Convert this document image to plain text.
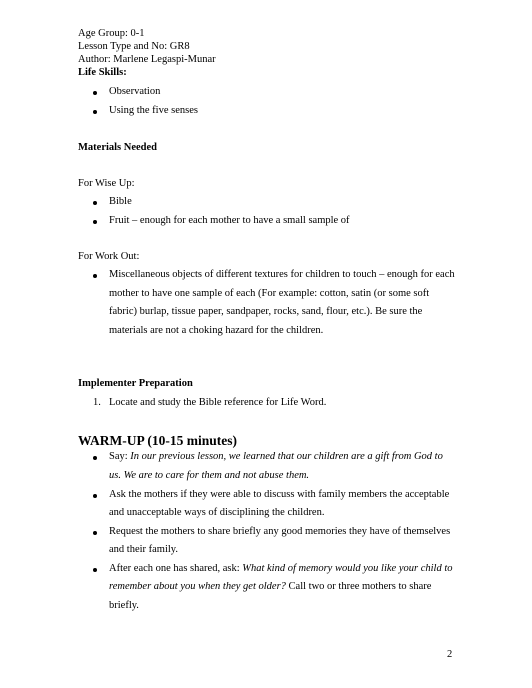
Age Group: 0-1
Lesson Type and No: GR8
Author: Marlene Legaspi-Munar
Life Skills:
Observation
Using the five senses
Materials Needed
For Wise Up:
Bible
Fruit – enough for each mother to have a small sample of
For Work Out:
Miscellaneous objects of different textures for children to touch – enough for each
mother to have one sample of each (For example: cotton, satin (or some soft
fabric) burlap, tissue paper, sandpaper, rocks, sand, flour, etc.). Be sure the
materials are not a choking hazard for the children.
Implementer Preparation
1. Locate and study the Bible reference for Life Word.
WARM-UP (10-15 minutes)
Say: In our previous lesson, we learned that our children are a gift from God to
us. We are to care for them and not abuse them.
Ask the mothers if they were able to discuss with family members the acceptable
and unacceptable ways of disciplining the children.
Request the mothers to share briefly any good memories they have of themselves
and their family.
After each one has shared, ask: What kind of memory would you like your child to
remember about you when they get older? Call two or three mothers to share
briefly.
2
